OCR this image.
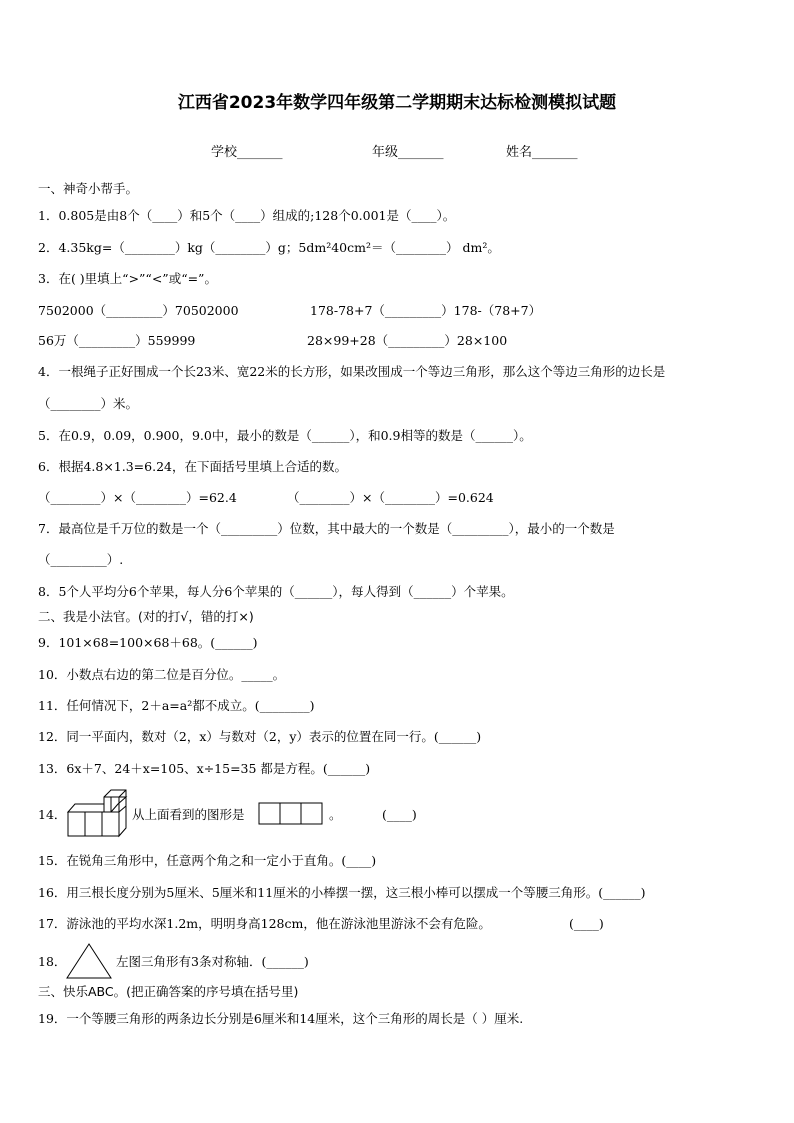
江西省2023年数学四年级第二学期期末达标检测模拟试题
学校_______	年级_______	姓名_______
一、神奇小帮手。
1．0.805是由8个（____）和5个（____）组成的;128个0.001是（____）。
2．4.35kg=（________）kg（________）g；5dm²40cm²＝（________） dm²。
3．在( )里填上“>”“<”或“=”。
7502000（_________）70502000	178-78+7（_________）178-（78+7）
56万（_________）559999	28×99+28（_________）28×100
4．一根绳子正好围成一个长23米、宽22米的长方形，如果改围成一个等边三角形，那么这个等边三角形的边长是
（________）米。
5．在0.9，0.09，0.900，9.0中，最小的数是（______），和0.9相等的数是（______）。
6．根据4.8×1.3=6.24，在下面括号里填上合适的数。
（________）×（________）=62.4	（________）×（________）=0.624
7．最高位是千万位的数是一个（_________）位数，其中最大的一个数是（_________），最小的一个数是
（_________）.
8．5个人平均分6个苹果，每人分6个苹果的（______），每人得到（______）个苹果。
二、我是小法官。(对的打√，错的打×)
9．101×68=100×68＋68。(______)
10．小数点右边的第二位是百分位。_____。
11．任何情况下，2＋a=a²都不成立。(________)
12．同一平面内，数对（2，x）与数对（2，y）表示的位置在同一行。(______)
13．6x＋7、24＋x=105、x÷15=35 都是方程。(______)
14．	从上面看到的图形是	。	(____)
15．在锐角三角形中，任意两个角之和一定小于直角。(____)
16．用三根长度分别为5厘米、5厘米和11厘米的小棒摆一摆，这三根小棒可以摆成一个等腰三角形。(______)
17．游泳池的平均水深1.2m，明明身高128cm，他在游泳池里游泳不会有危险。	(____)
18．	左图三角形有3条对称轴．(______)
三、快乐ABC。(把正确答案的序号填在括号里)
19．一个等腰三角形的两条边长分别是6厘米和14厘米，这个三角形的周长是（ ）厘米.
